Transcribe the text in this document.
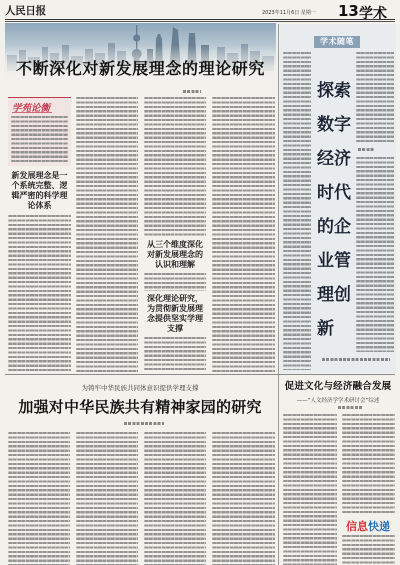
人民日报	2023年11月6日 星期一 13 学术
不断深化对新发展理念的理论研究
学苑论衡
新发展理念是一个系统完整、逻辑严密的科学理论体系
从三个维度深化对新发展理念的认识和理解
深化理论研究，为贯彻新发展理念提供坚实学理支撑
学术随笔
探索数字经济时代的企业管理创新
为铸牢中华民族共同体意识提供学理支撑
加强对中华民族共有精神家园的研究
促进文化与经济融合发展
——“人文经济学学术研讨会”综述
信息快递
